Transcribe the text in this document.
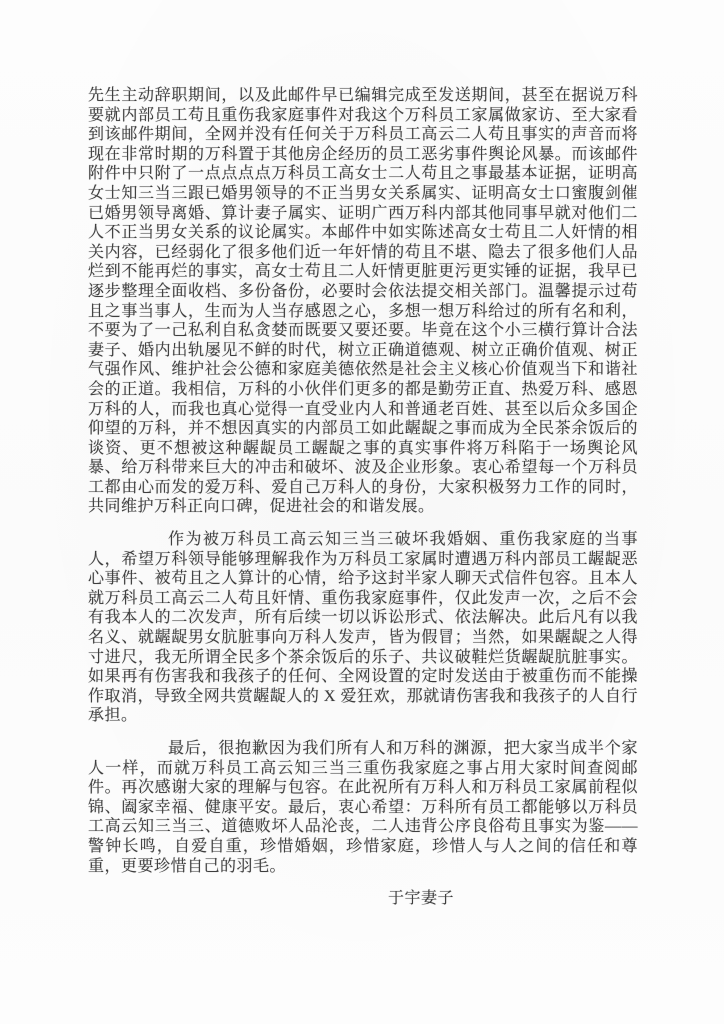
先生主动辞职期间，以及此邮件早已编辑完成至发送期间，甚至在据说万科要就内部员工苟且重伤我家庭事件对我这个万科员工家属做家访、至大家看到该邮件期间，全网并没有任何关于万科员工高云二人苟且事实的声音而将现在非常时期的万科置于其他房企经历的员工恶劣事件舆论风暴。而该邮件附件中只附了一点点点点万科员工高女士二人苟且之事最基本证据，证明高女士知三当三跟已婚男领导的不正当男女关系属实、证明高女士口蜜腹剑催已婚男领导离婚、算计妻子属实、证明广西万科内部其他同事早就对他们二人不正当男女关系的议论属实。本邮件中如实陈述高女士苟且二人奸情的相关内容，已经弱化了很多他们近一年奸情的苟且不堪、隐去了很多他们人品烂到不能再烂的事实，高女士苟且二人奸情更脏更污更实锤的证据，我早已逐步整理全面收档、多份备份，必要时会依法提交相关部门。温馨提示过苟且之事当事人，生而为人当存感恩之心，多想一想万科给过的所有名和利，不要为了一己私利自私贪婪而既要又要还要。毕竟在这个小三横行算计合法妻子、婚内出轨屡见不鲜的时代，树立正确道德观、树立正确价值观、树正气强作风、维护社会公德和家庭美德依然是社会主义核心价值观当下和谐社会的正道。我相信，万科的小伙伴们更多的都是勤劳正直、热爱万科、感恩万科的人，而我也真心觉得一直受业内人和普通老百姓、甚至以后众多国企仰望的万科，并不想因真实的内部员工如此龌龊之事而成为全民茶余饭后的谈资、更不想被这种龌龊员工龌龊之事的真实事件将万科陷于一场舆论风暴、给万科带来巨大的冲击和破坏、波及企业形象。衷心希望每一个万科员工都由心而发的爱万科、爱自己万科人的身份，大家积极努力工作的同时，共同维护万科正向口碑，促进社会的和谐发展。

作为被万科员工高云知三当三破坏我婚姻、重伤我家庭的当事人，希望万科领导能够理解我作为万科员工家属时遭遇万科内部员工龌龊恶心事件、被苟且之人算计的心情，给予这封半家人聊天式信件包容。且本人就万科员工高云二人苟且奸情、重伤我家庭事件，仅此发声一次，之后不会有我本人的二次发声，所有后续一切以诉讼形式、依法解决。此后凡有以我名义、就龌龊男女肮脏事向万科人发声，皆为假冒；当然，如果龌龊之人得寸进尺，我无所谓全民多个茶余饭后的乐子、共议破鞋烂货龌龊肮脏事实。如果再有伤害我和我孩子的任何、全网设置的定时发送由于被重伤而不能操作取消，导致全网共赏龌龊人的 X 爱狂欢，那就请伤害我和我孩子的人自行承担。

最后，很抱歉因为我们所有人和万科的渊源，把大家当成半个家人一样，而就万科员工高云知三当三重伤我家庭之事占用大家时间查阅邮件。再次感谢大家的理解与包容。在此祝所有万科人和万科员工家属前程似锦、阖家幸福、健康平安。最后，衷心希望：万科所有员工都能够以万科员工高云知三当三、道德败坏人品沦丧，二人违背公序良俗苟且事实为鉴——警钟长鸣，自爱自重，珍惜婚姻，珍惜家庭，珍惜人与人之间的信任和尊重，更要珍惜自己的羽毛。

于宇妻子
